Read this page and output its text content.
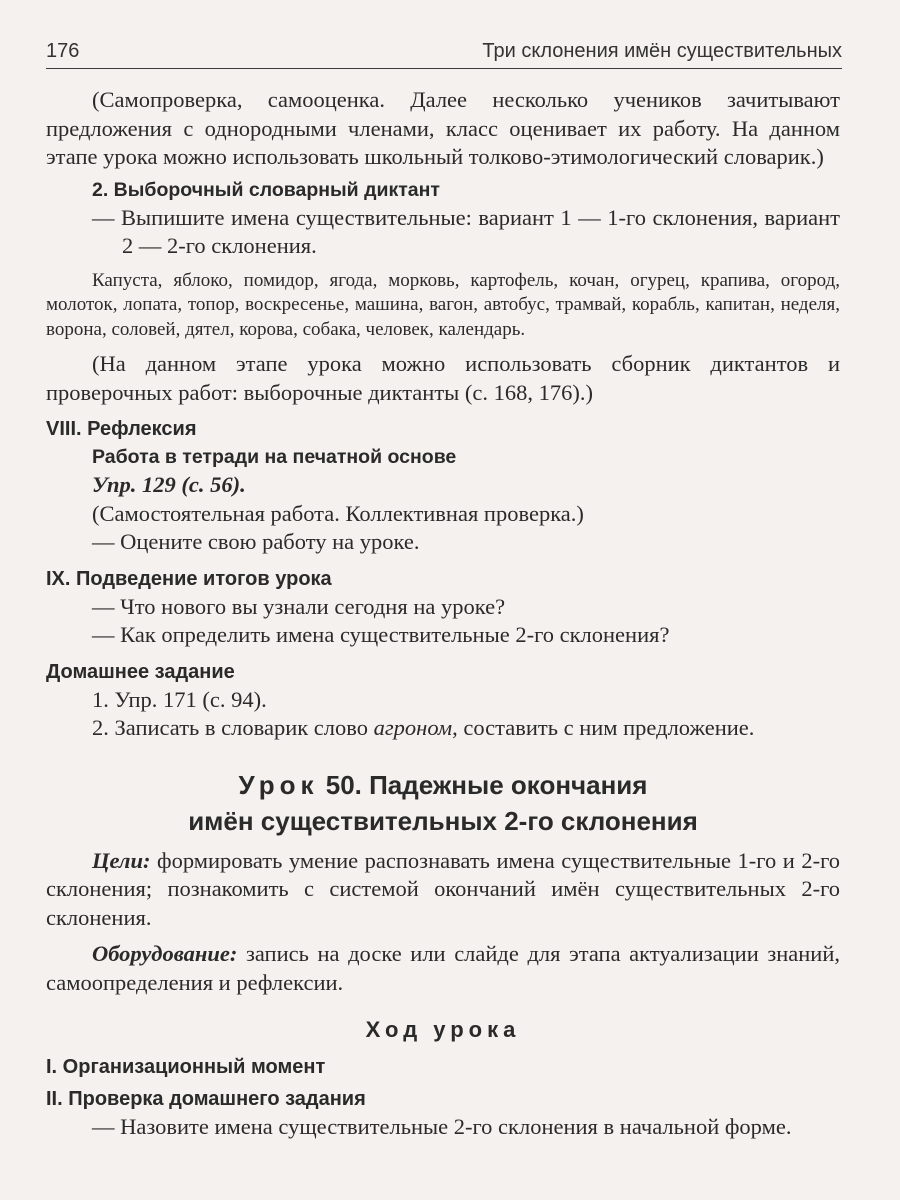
176	Три склонения имён существительных

(Самопроверка, самооценка. Далее несколько учеников зачитывают предложения с однородными членами, класс оценивает их работу. На данном этапе урока можно использовать школьный толково-этимологический словарик.)

2. Выборочный словарный диктант

— Выпишите имена существительные: вариант 1 — 1-го склонения, вариант 2 — 2-го склонения.

Капуста, яблоко, помидор, ягода, морковь, картофель, кочан, огурец, крапива, огород, молоток, лопата, топор, воскресенье, машина, вагон, автобус, трамвай, корабль, капитан, неделя, ворона, соловей, дятел, корова, собака, человек, календарь.

(На данном этапе урока можно использовать сборник диктантов и проверочных работ: выборочные диктанты (с. 168, 176).)

VIII. Рефлексия

Работа в тетради на печатной основе

Упр. 129 (с. 56).

(Самостоятельная работа. Коллективная проверка.)

— Оцените свою работу на уроке.

IX. Подведение итогов урока

— Что нового вы узнали сегодня на уроке?

— Как определить имена существительные 2-го склонения?

Домашнее задание

1. Упр. 171 (с. 94).

2. Записать в словарик слово агроном, составить с ним предложение.

Урок 50. Падежные окончания
имён существительных 2-го склонения

Цели: формировать умение распознавать имена существительные 1-го и 2-го склонения; познакомить с системой окончаний имён существительных 2-го склонения.

Оборудование: запись на доске или слайде для этапа актуализации знаний, самоопределения и рефлексии.

Ход урока

I. Организационный момент

II. Проверка домашнего задания

— Назовите имена существительные 2-го склонения в начальной форме.
